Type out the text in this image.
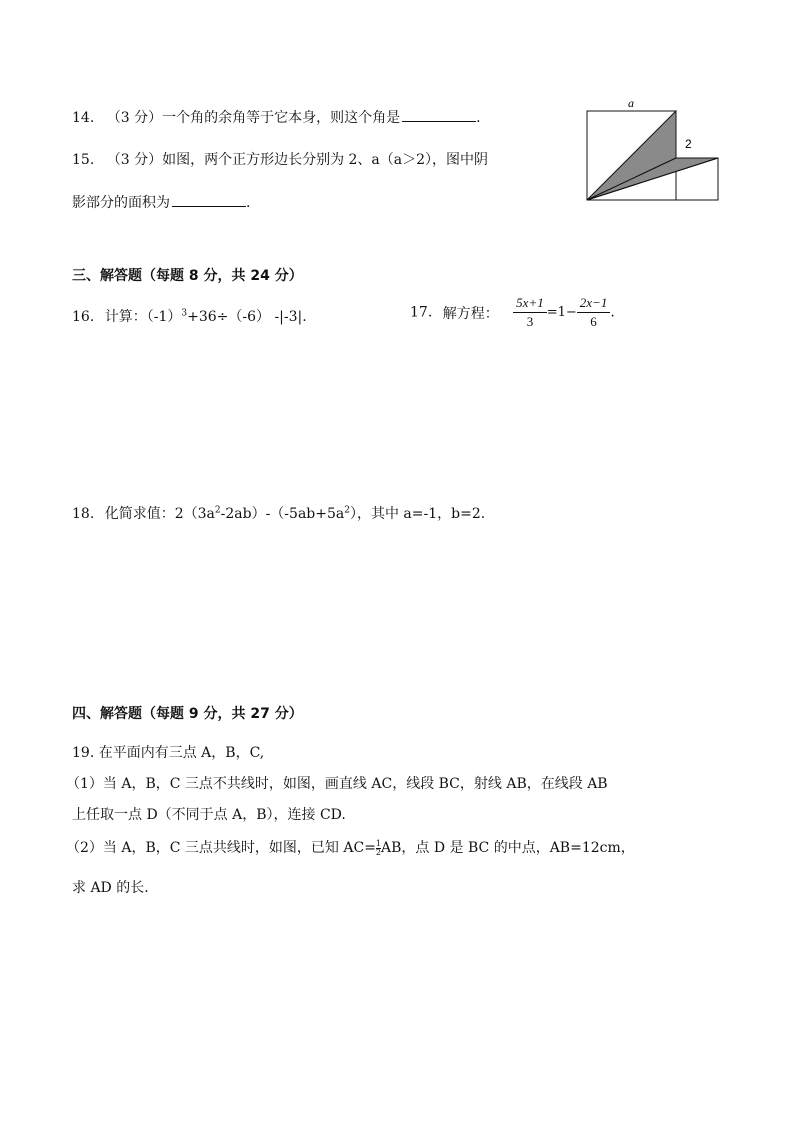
14. （3 分）一个角的余角等于它本身，则这个角是	.
15. （3 分）如图，两个正方形边长分别为 2、a（a＞2），图中阴
影部分的面积为	.
a
2
三、解答题（每题 8 分，共 24 分）
16. 计算：$(-1)^3+36\div(-6)$ -|-3|.	17. 解方程： $\frac{5x+1}{3} =1- \frac{2x-1}{6}$ .
18. 化简求值：$2(3a^2-2ab)-(-5ab+5a^2)$，其中 a=-1，b=2.
四、解答题（每题 9 分，共 27 分）
19. 在平面内有三点 A，B，C,
（1）当 A，B，C 三点不共线时，如图，画直线 AC，线段 BC，射线 AB，在线段 AB
上任取一点 D（不同于点 A，B），连接 CD.
（2）当 A，B，C 三点共线时，如图，已知 $AC= \frac{1}{2}$ AB，点 D 是 BC 的中点，AB=12cm，
求 AD 的长.
